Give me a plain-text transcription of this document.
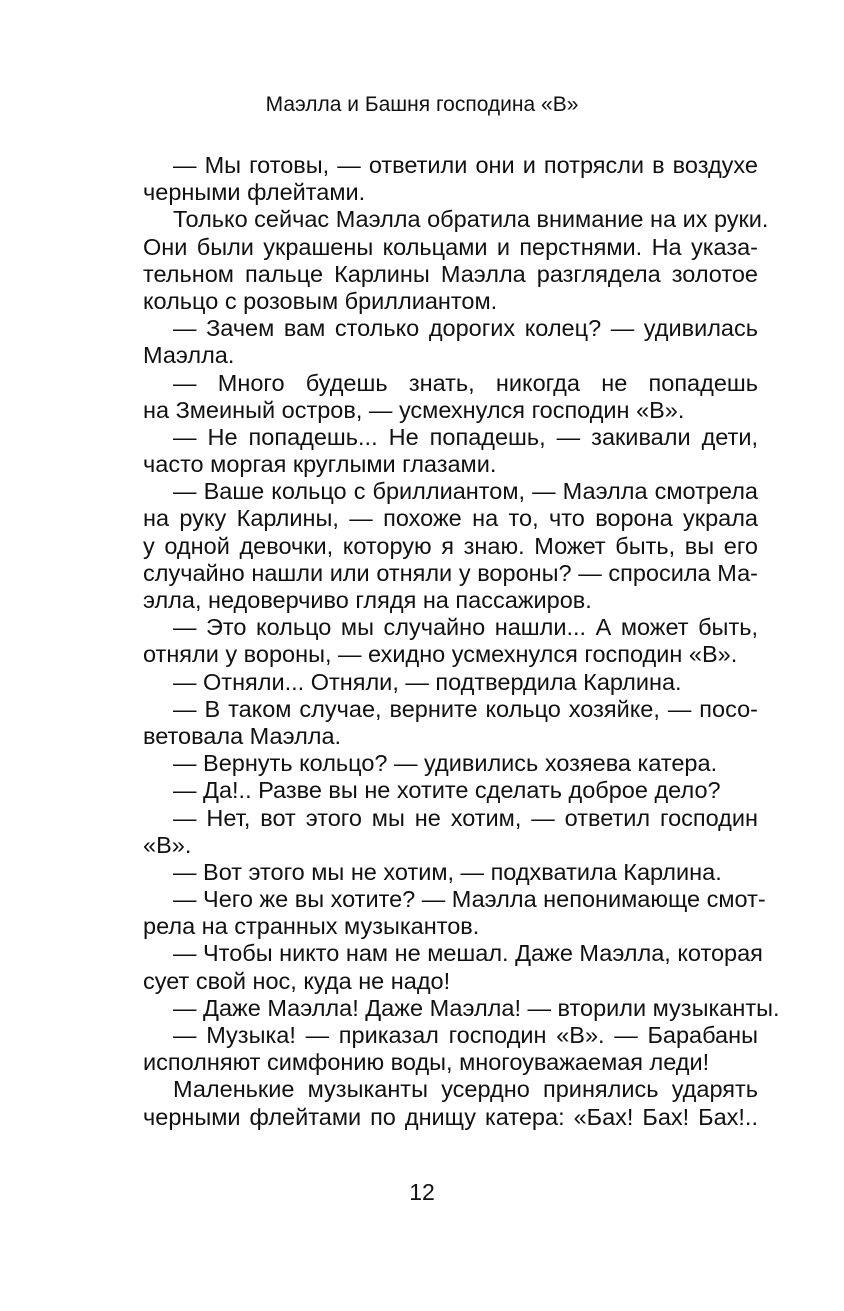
Маэлла и Башня господина «В»
— Мы готовы, — ответили они и потрясли в воздухе
черными флейтами.
Только сейчас Маэлла обратила внимание на их руки.
Они были украшены кольцами и перстнями. На указа-
тельном пальце Карлины Маэлла разглядела золотое
кольцо с розовым бриллиантом.
— Зачем вам столько дорогих колец? — удивилась
Маэлла.
— Много будешь знать, никогда не попадешь
на Змеиный остров, — усмехнулся господин «В».
— Не попадешь... Не попадешь, — закивали дети,
часто моргая круглыми глазами.
— Ваше кольцо с бриллиантом, — Маэлла смотрела
на руку Карлины, — похоже на то, что ворона украла
у одной девочки, которую я знаю. Может быть, вы его
случайно нашли или отняли у вороны? — спросила Ма-
элла, недоверчиво глядя на пассажиров.
— Это кольцо мы случайно нашли... А может быть,
отняли у вороны, — ехидно усмехнулся господин «В».
— Отняли... Отняли, — подтвердила Карлина.
— В таком случае, верните кольцо хозяйке, — посо-
ветовала Маэлла.
— Вернуть кольцо? — удивились хозяева катера.
— Да!.. Разве вы не хотите сделать доброе дело?
— Нет, вот этого мы не хотим, — ответил господин
«В».
— Вот этого мы не хотим, — подхватила Карлина.
— Чего же вы хотите? — Маэлла непонимающе смот-
рела на странных музыкантов.
— Чтобы никто нам не мешал. Даже Маэлла, которая
сует свой нос, куда не надо!
— Даже Маэлла! Даже Маэлла! — вторили музыканты.
— Музыка! — приказал господин «В». — Барабаны
исполняют симфонию воды, многоуважаемая леди!
Маленькие музыканты усердно принялись ударять
черными флейтами по днищу катера: «Бах! Бах! Бах!..
12
